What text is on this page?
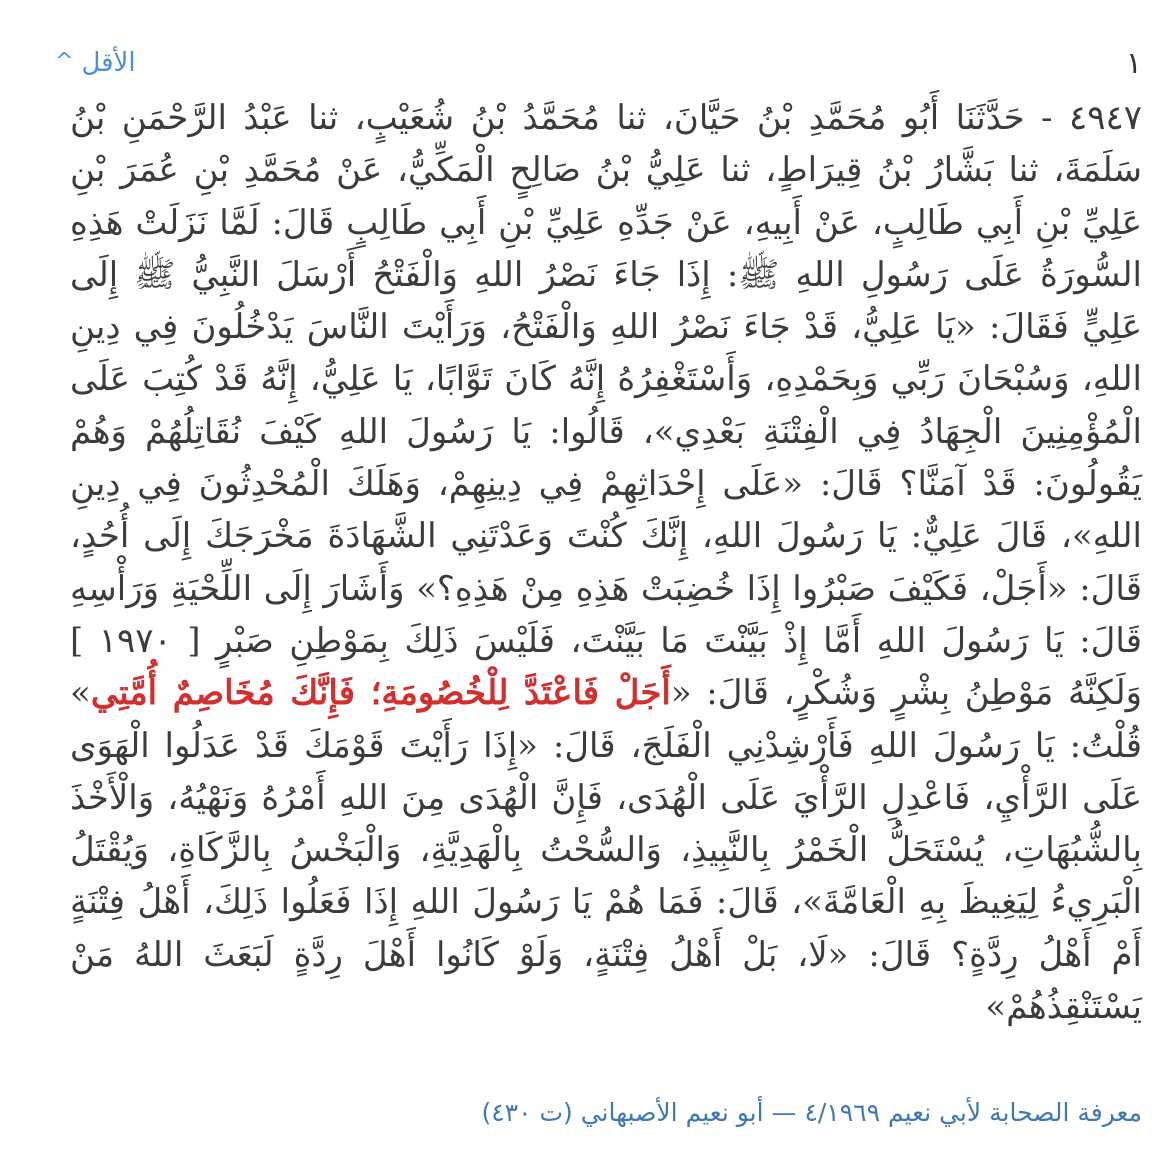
١
^ الأقل
٤٩٤٧ - حَدَّثَنَا أَبُو مُحَمَّدِ بْنُ حَيَّانَ، ثنا مُحَمَّدُ بْنُ شُعَيْبٍ، ثنا عَبْدُ الرَّحْمَنِ بْنُ سَلَمَةَ، ثنا بَشَّارُ بْنُ قِيرَاطٍ، ثنا عَلِيُّ بْنُ صَالِحٍ الْمَكِّيُّ، عَنْ مُحَمَّدِ بْنِ عُمَرَ بْنِ عَلِيِّ بْنِ أَبِي طَالِبٍ، عَنْ أَبِيهِ، عَنْ جَدِّهِ عَلِيِّ بْنِ أَبِي طَالِبٍ قَالَ: لَمَّا نَزَلَتْ هَذِهِ السُّورَةُ عَلَى رَسُولِ اللهِ ﷺ: إِذَا جَاءَ نَصْرُ اللهِ وَالْفَتْحُ أَرْسَلَ النَّبِيُّ ﷺ إِلَى عَلِيٍّ فَقَالَ: «يَا عَلِيُّ، قَدْ جَاءَ نَصْرُ اللهِ وَالْفَتْحُ، وَرَأَيْتَ النَّاسَ يَدْخُلُونَ فِي دِينِ اللهِ، وَسُبْحَانَ رَبِّي وَبِحَمْدِهِ، وَأَسْتَغْفِرُهُ إِنَّهُ كَانَ تَوَّابًا، يَا عَلِيُّ، إِنَّهُ قَدْ كُتِبَ عَلَى الْمُؤْمِنِينَ الْجِهَادُ فِي الْفِتْنَةِ بَعْدِي»، قَالُوا: يَا رَسُولَ اللهِ كَيْفَ نُقَاتِلُهُمْ وَهُمْ يَقُولُونَ: قَدْ آمَنَّا؟ قَالَ: «عَلَى إِحْدَاثِهِمْ فِي دِينِهِمْ، وَهَلَكَ الْمُحْدِثُونَ فِي دِينِ اللهِ»، قَالَ عَلِيٌّ: يَا رَسُولَ اللهِ، إِنَّكَ كُنْتَ وَعَدْتَنِي الشَّهَادَةَ مَخْرَجَكَ إِلَى أُحُدٍ، قَالَ: «أَجَلْ، فَكَيْفَ صَبْرُوا إِذَا خُضِبَتْ هَذِهِ مِنْ هَذِهِ؟» وَأَشَارَ إِلَى اللِّحْيَةِ وَرَأْسِهِ قَالَ: يَا رَسُولَ اللهِ أَمَّا إِذْ بَيَّنْتَ مَا بَيَّنْتَ، فَلَيْسَ ذَلِكَ بِمَوْطِنِ صَبْرٍ [ ١٩٧٠ ] وَلَكِنَّهُ مَوْطِنُ بِشْرٍ وَشُكْرٍ، قَالَ: «أَجَلْ فَاعْتَدَّ لِلْخُصُومَةِ؛ فَإِنَّكَ مُخَاصِمٌ أُمَّتِي» قُلْتُ: يَا رَسُولَ اللهِ فَأَرْشِدْنِي الْفَلَجَ، قَالَ: «إِذَا رَأَيْتَ قَوْمَكَ قَدْ عَدَلُوا الْهَوَى عَلَى الرَّأْيِ، فَاعْدِلِ الرَّأْيَ عَلَى الْهُدَى، فَإِنَّ الْهُدَى مِنَ اللهِ أَمْرُهُ وَنَهْيُهُ، وَالْأَخْذَ بِالشُّبُهَاتِ، يُسْتَحَلُّ الْخَمْرُ بِالنَّبِيذِ، وَالسُّحْتُ بِالْهَدِيَّةِ، وَالْبَخْسُ بِالزَّكَاةِ، وَيُقْتَلُ الْبَرِيءُ لِيَغِيظَ بِهِ الْعَامَّةَ»، قَالَ: فَمَا هُمْ يَا رَسُولَ اللهِ إِذَا فَعَلُوا ذَلِكَ، أَهْلُ فِتْنَةٍ أَمْ أَهْلُ رِدَّةٍ؟ قَالَ: «لَا، بَلْ أَهْلُ فِتْنَةٍ، وَلَوْ كَانُوا أَهْلَ رِدَّةٍ لَبَعَثَ اللهُ مَنْ يَسْتَنْقِذُهُمْ»
معرفة الصحابة لأبي نعيم ٤/١٩٦٩ — أبو نعيم الأصبهاني (ت ٤٣٠)
